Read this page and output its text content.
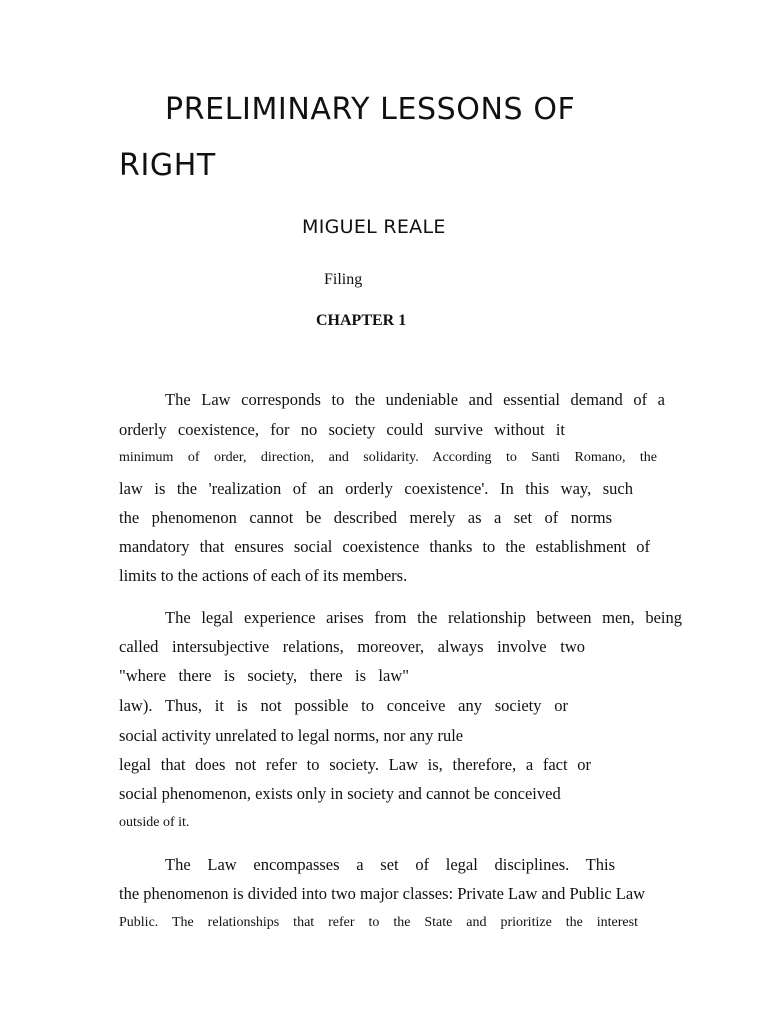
PRELIMINARY LESSONS OF
RIGHT
MIGUEL REALE
Filing
CHAPTER 1
The Law corresponds to the undeniable and essential demand of a
orderly coexistence, for no society could survive without it
minimum of order, direction, and solidarity. According to Santi Romano, the
law is the 'realization of an orderly coexistence'. In this way, such
the phenomenon cannot be described merely as a set of norms
mandatory that ensures social coexistence thanks to the establishment of
limits to the actions of each of its members.
The legal experience arises from the relationship between men, being
called intersubjective relations, moreover, always involve two
"where there is society, there is law"
law). Thus, it is not possible to conceive any society or
social activity unrelated to legal norms, nor any rule
legal that does not refer to society. Law is, therefore, a fact or
social phenomenon, exists only in society and cannot be conceived
outside of it.
The Law encompasses a set of legal disciplines. This
the phenomenon is divided into two major classes: Private Law and Public Law
Public. The relationships that refer to the State and prioritize the interest
